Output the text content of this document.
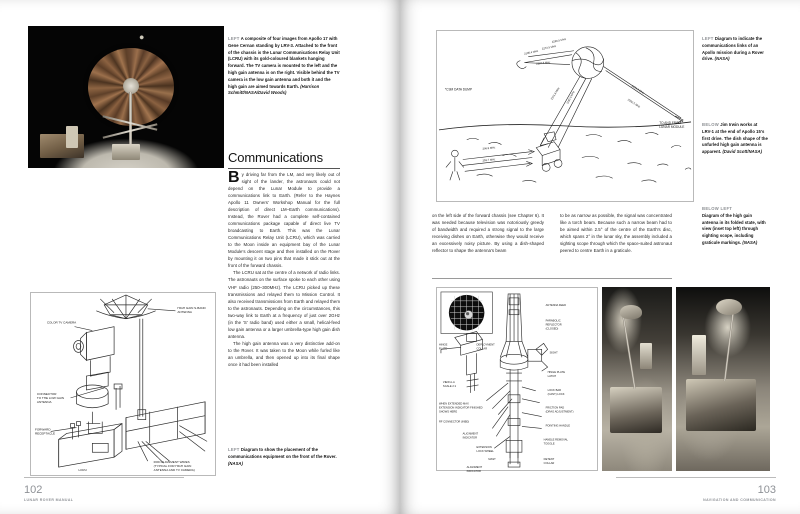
LEFT A composite of four images from Apollo 17 with Gene Cernan standing by LRV-3. Attached to the front of the chassis is the Lunar Communications Relay Unit (LCRU) with its gold-coloured blankets hanging forward. The TV camera is mounted to the left and the high gain antenna is on the right. Visible behind the TV camera is the low gain antenna and both it and the high gain are aimed towards Earth. (Harrison Schmitt/NASA/David Woods)
Communications

By driving far from the LM, and very likely out of sight of the lander, the astronauts could not depend on the Lunar Module to provide a communications link to Earth. (Refer to the Haynes Apollo 11 Owners' Workshop Manual for the full description of direct LM–Earth communications). Instead, the Rover had a complete self-contained communications package capable of direct live TV broadcasting to Earth. This was the Lunar Communications Relay Unit (LCRU), which was carried to the Moon inside an equipment bay of the Lunar Module's descent stage and then installed on the Rover by mounting it on two pins that made it stick out at the front of the forward chassis.

The LCRU sat at the centre of a network of radio links. The astronauts on the surface spoke to each other using VHF radio (250–300MHz). The LCRU picked up these transmissions and relayed them to Mission Control. It also received transmissions from Earth and relayed them to the astronauts. Depending on the circumstances, this two-way link to Earth at a frequency of just over 2GHz (in the 'S' radio band) used either a small, helical-feed low gain antenna or a larger umbrella-type high gain dish antenna.

The high gain antenna was a very distinctive add-on to the Rover. It was taken to the Moon while furled like an umbrella, and then opened up into its final shape once it had been installed

LEFT Diagram to show the placement of the communications equipment on the front of the Rover. (NASA)
HIGH GAIN S-BAND
ANTENNA
COLOR TV CAMERA
CONNECTOR
TO THE LOW GAIN
ANTENNA
FORWARD
RECEPTACLE
LCRU
ROD ALIGNMENT WIRES
(TYPICAL FOR HIGH GAIN
ANTENNA AND TV CAMERA)
102
LUNAR ROVER MANUAL
*CSM DATA DUMP
TO AND FROM
LUNAR MODULE
2106.4 MHz
2272.5 MHz
2287.5 MHz
2265.5 MHz
2101.8 MHz	2282.5 MHz
2101.8 MHz
2282.5 MHz
296.8 MHz
259.7 MHz
LEFT Diagram to indicate the communications links of an Apollo mission during a Rover drive. (NASA)
BELOW Jim Irwin works at LRV-1 at the end of Apollo 15's first drive. The dish shape of the unfurled high gain antenna is apparent. (David Scott/NASA)
BELOW LEFT
Diagram of the high gain antenna in its folded state, with view (inset top left) through sighting scope, including graticule markings. (NASA)

on the left side of the forward chassis (see Chapter 6). It was needed because television was notoriously greedy of bandwidth and required a strong signal to the large receiving dishes on Earth, otherwise they would receive an excessively noisy picture. By using a dish-shaped reflector to shape the antenna's beam

to be as narrow as possible, the signal was concentrated like a torch beam. Because such a narrow beam had to be aimed within 2.5° of the centre of the Earth's disc, which spans 2° in the lunar sky, the assembly included a sighting scope through which the space-suited astronaut peered to centre Earth in a graticule.

ANTENNA FEED
PARABOLIC
REFLECTOR
(CLOSED)
DEPLOYMENT
COLLAR
HINGE
PLATE
SIGHT
HINGE PLATE
LATCH
LOCK BAR
(CANT) LOCK
FRICTION PAD
(DRAG ADJUSTMENT)
POINTING HANDLE
HANDLE REMOVAL
TOGGLE
DETENT
COLLAR
VIEW A-A
SCALE 2:1
WHEN EXTENDED MAX
EXTENSION INDICATOR FINISHED
SHOWS HERE
RF CONNECTOR (INBD)
ALIGNMENT
INDICATOR
EXTENSION
LOCK WHEEL
MAST
ALIGNMENT
INDICATOR
103
NAVIGATION AND COMMUNICATION
